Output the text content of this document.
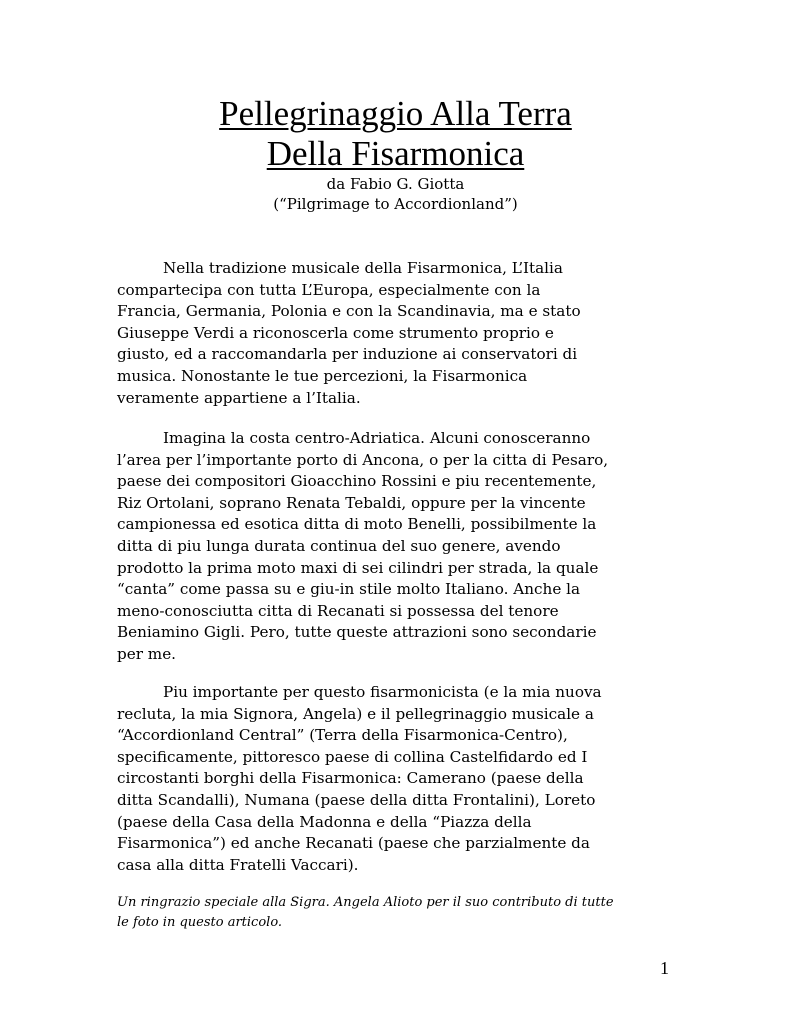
Pellegrinaggio Alla Terra
Della Fisarmonica
da Fabio G. Giotta
(“Pilgrimage to Accordionland”)

Nella tradizione musicale della Fisarmonica, L’Italia
compartecipa con tutta L’Europa, especialmente con la
Francia, Germania, Polonia e con la Scandinavia, ma e stato
Giuseppe Verdi a riconoscerla come strumento proprio e
giusto, ed a raccomandarla per induzione ai conservatori di
musica. Nonostante le tue percezioni, la Fisarmonica
veramente appartiene a l’Italia.

Imagina la costa centro-Adriatica. Alcuni conosceranno
l’area per l’importante porto di Ancona, o per la citta di Pesaro,
paese dei compositori Gioacchino Rossini e piu recentemente,
Riz Ortolani, soprano Renata Tebaldi, oppure per la vincente
campionessa ed esotica ditta di moto Benelli, possibilmente la
ditta di piu lunga durata continua del suo genere, avendo
prodotto la prima moto maxi di sei cilindri per strada, la quale
“canta” come passa su e giu-in stile molto Italiano. Anche la
meno-conosciutta citta di Recanati si possessa del tenore
Beniamino Gigli. Pero, tutte queste attrazioni sono secondarie
per me.

Piu importante per questo fisarmonicista (e la mia nuova
recluta, la mia Signora, Angela) e il pellegrinaggio musicale a
“Accordionland Central” (Terra della Fisarmonica-Centro),
specificamente, pittoresco paese di collina Castelfidardo ed I
circostanti borghi della Fisarmonica: Camerano (paese della
ditta Scandalli), Numana (paese della ditta Frontalini), Loreto
(paese della Casa della Madonna e della “Piazza della
Fisarmonica”) ed anche Recanati (paese che parzialmente da
casa alla ditta Fratelli Vaccari).

Un ringrazio speciale alla Sigra. Angela Alioto per il suo contributo di tutte
le foto in questo articolo.

1
